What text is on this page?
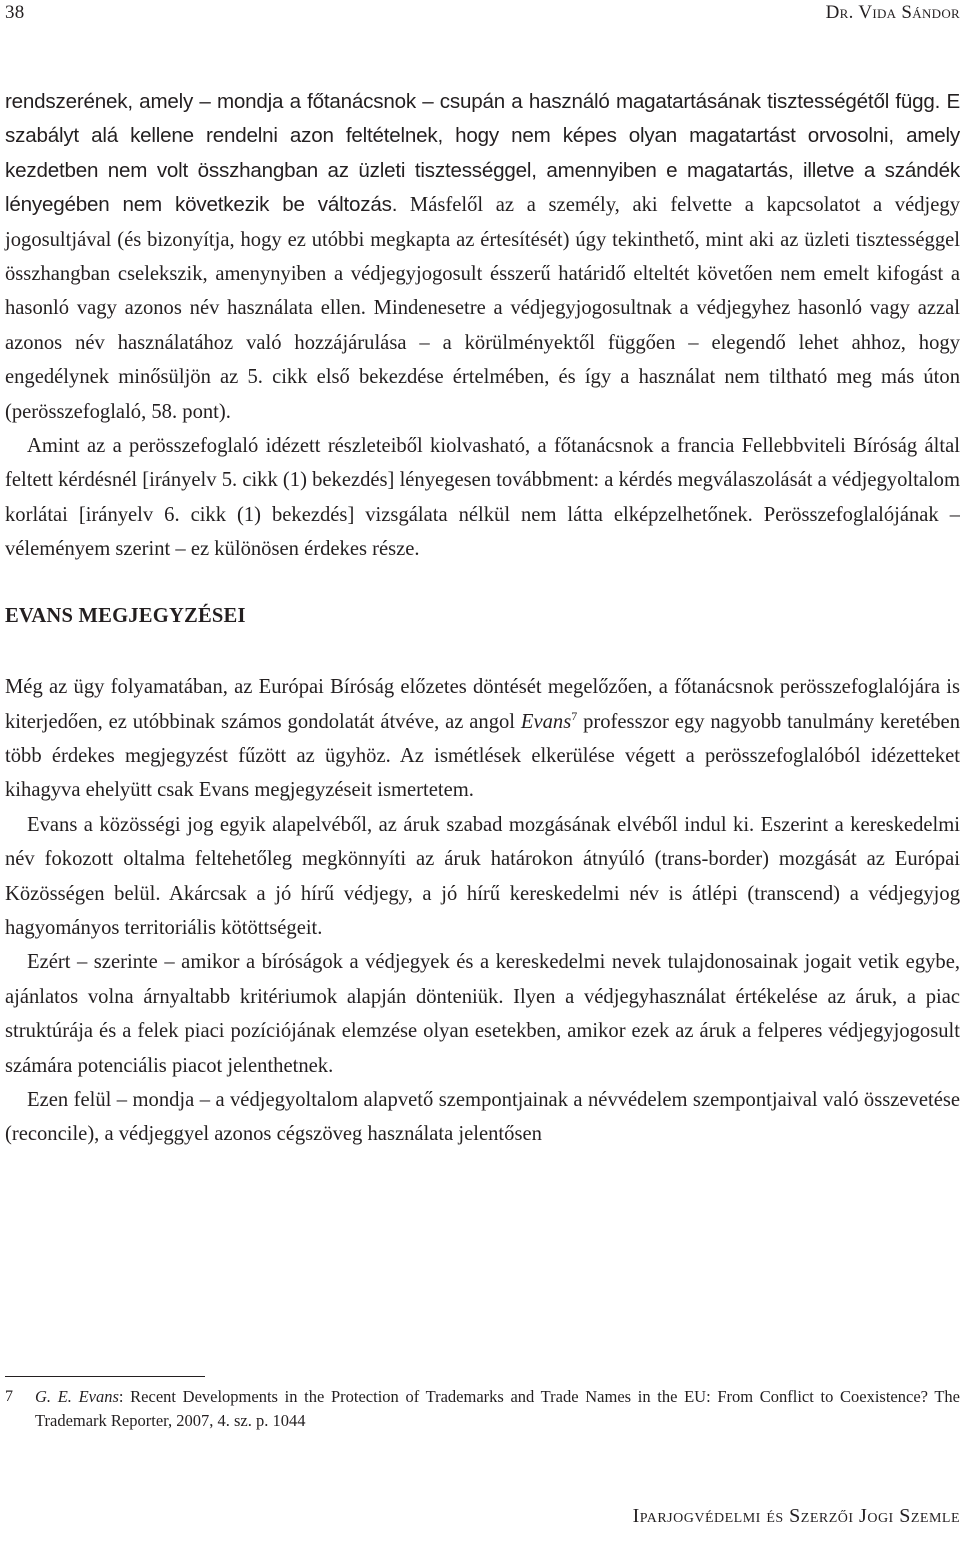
38	Dr. Vida Sándor

rendszerének, amely – mondja a főtanácsnok – csupán a használó magatartásának tisztességétől függ. E szabályt alá kellene rendelni azon feltételnek, hogy nem képes olyan magatartást orvosolni, amely kezdetben nem volt összhangban az üzleti tisztességgel, amennyiben e magatartás, illetve a szándék lényegében nem következik be változás. Másfelől az a személy, aki felvette a kapcsolatot a védjegy jogosultjával (és bizonyítja, hogy ez utóbbi megkapta az értesítését) úgy tekinthető, mint aki az üzleti tisztességgel összhangban cselekszik, amenynyiben a védjegyjogosult ésszerű határidő elteltét követően nem emelt kifogást a hasonló vagy azonos név használata ellen. Mindenesetre a védjegyjogosultnak a védjegyhez hasonló vagy azzal azonos név használatához való hozzájárulása – a körülményektől függően – elegendő lehet ahhoz, hogy engedélynek minősüljön az 5. cikk első bekezdése értelmében, és így a használat nem tiltható meg más úton (perösszefoglaló, 58. pont).

Amint az a perösszefoglaló idézett részleteiből kiolvasható, a főtanácsnok a francia Fellebbviteli Bíróság által feltett kérdésnél [irányelv 5. cikk (1) bekezdés] lényegesen továbbment: a kérdés megválaszolását a védjegyoltalom korlátai [irányelv 6. cikk (1) bekezdés] vizsgálata nélkül nem látta elképzelhetőnek. Perösszefoglalójának – véleményem szerint – ez különösen érdekes része.

EVANS MEGJEGYZÉSEI

Még az ügy folyamatában, az Európai Bíróság előzetes döntését megelőzően, a főtanácsnok perösszefoglalójára is kiterjedően, ez utóbbinak számos gondolatát átvéve, az angol Evans$^7$ professzor egy nagyobb tanulmány keretében több érdekes megjegyzést fűzött az ügyhöz. Az ismétlések elkerülése végett a perösszefoglalóból idézetteket kihagyva ehelyütt csak Evans megjegyzéseit ismertetem.

Evans a közösségi jog egyik alapelvéből, az áruk szabad mozgásának elvéből indul ki. Eszerint a kereskedelmi név fokozott oltalma feltehetőleg megkönnyíti az áruk határokon átnyúló (trans-border) mozgását az Európai Közösségen belül. Akárcsak a jó hírű védjegy, a jó hírű kereskedelmi név is átlépi (transcend) a védjegyjog hagyományos territoriális kötöttségeit.

Ezért – szerinte – amikor a bíróságok a védjegyek és a kereskedelmi nevek tulajdonosainak jogait vetik egybe, ajánlatos volna árnyaltabb kritériumok alapján dönteniük. Ilyen a védjegyhasználat értékelése az áruk, a piac struktúrája és a felek piaci pozíciójának elemzése olyan esetekben, amikor ezek az áruk a felperes védjegyjogosult számára potenciális piacot jelenthetnek.

Ezen felül – mondja – a védjegyoltalom alapvető szempontjainak a névvédelem szempontjaival való összevetése (reconcile), a védjeggyel azonos cégszöveg használata jelentősen

7 G. E. Evans: Recent Developments in the Protection of Trademarks and Trade Names in the EU: From Conflict to Coexistence? The Trademark Reporter, 2007, 4. sz. p. 1044
Iparjogvédelmi és Szerzői Jogi Szemle
